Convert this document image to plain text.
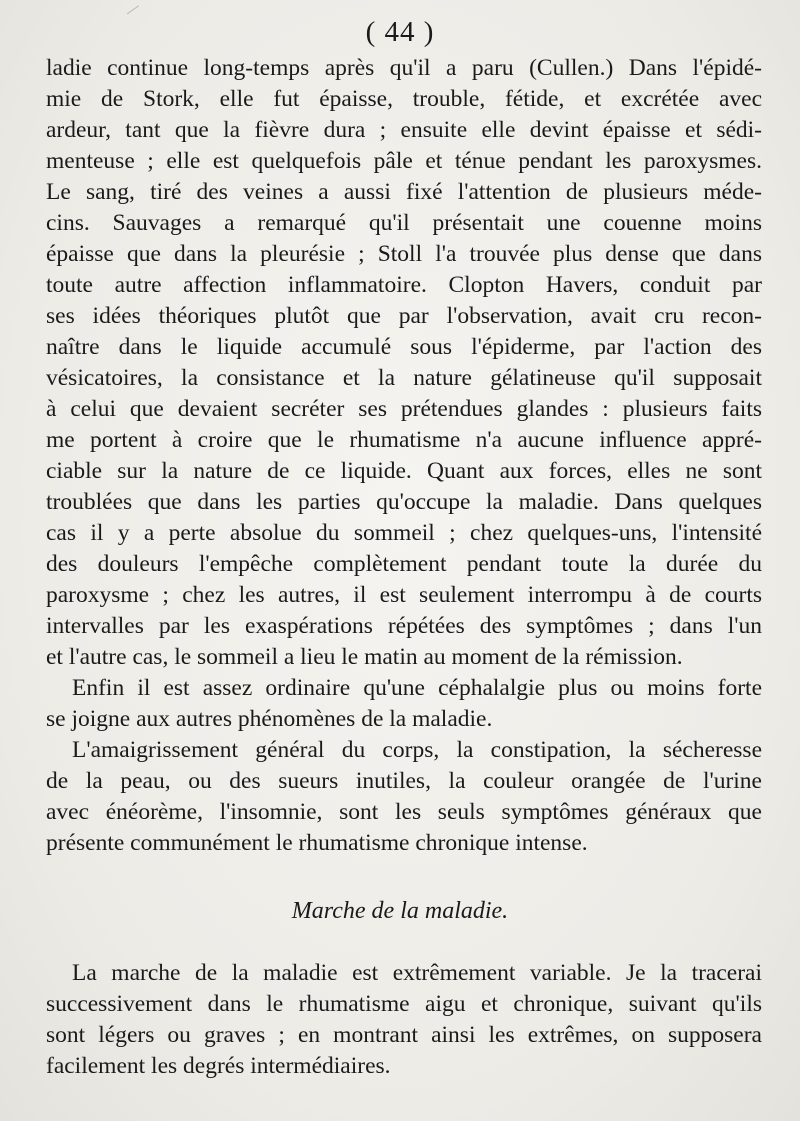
( 44 )
ladie continue long-temps après qu'il a paru (Cullen.) Dans l'épidé-
mie de Stork, elle fut épaisse, trouble, fétide, et excrétée avec
ardeur, tant que la fièvre dura ; ensuite elle devint épaisse et sédi-
menteuse ; elle est quelquefois pâle et ténue pendant les paroxysmes.
Le sang, tiré des veines a aussi fixé l'attention de plusieurs méde-
cins. Sauvages a remarqué qu'il présentait une couenne moins
épaisse que dans la pleurésie ; Stoll l'a trouvée plus dense que dans
toute autre affection inflammatoire. Clopton Havers, conduit par
ses idées théoriques plutôt que par l'observation, avait cru recon-
naître dans le liquide accumulé sous l'épiderme, par l'action des
vésicatoires, la consistance et la nature gélatineuse qu'il supposait
à celui que devaient secréter ses prétendues glandes : plusieurs faits
me portent à croire que le rhumatisme n'a aucune influence appré-
ciable sur la nature de ce liquide. Quant aux forces, elles ne sont
troublées que dans les parties qu'occupe la maladie. Dans quelques
cas il y a perte absolue du sommeil ; chez quelques-uns, l'intensité
des douleurs l'empêche complètement pendant toute la durée du
paroxysme ; chez les autres, il est seulement interrompu à de courts
intervalles par les exaspérations répétées des symptômes ; dans l'un
et l'autre cas, le sommeil a lieu le matin au moment de la rémission.
Enfin il est assez ordinaire qu'une céphalalgie plus ou moins forte
se joigne aux autres phénomènes de la maladie.
L'amaigrissement général du corps, la constipation, la sécheresse
de la peau, ou des sueurs inutiles, la couleur orangée de l'urine
avec énéorème, l'insomnie, sont les seuls symptômes généraux que
présente communément le rhumatisme chronique intense.
Marche de la maladie.
La marche de la maladie est extrêmement variable. Je la tracerai
successivement dans le rhumatisme aigu et chronique, suivant qu'ils
sont légers ou graves ; en montrant ainsi les extrêmes, on supposera
facilement les degrés intermédiaires.
